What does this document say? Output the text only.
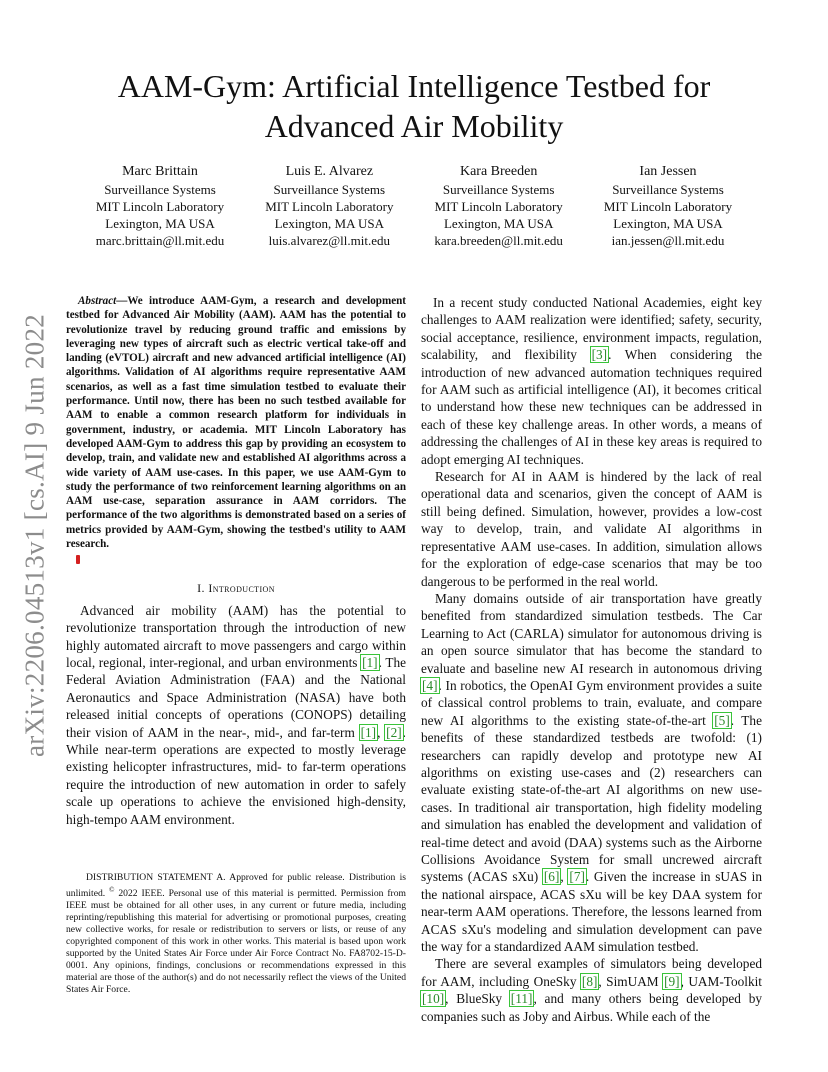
arXiv:2206.04513v1 [cs.AI] 9 Jun 2022
AAM-Gym: Artificial Intelligence Testbed for
Advanced Air Mobility
Marc Brittain
Surveillance Systems
MIT Lincoln Laboratory
Lexington, MA USA
marc.brittain@ll.mit.edu
Luis E. Alvarez
Surveillance Systems
MIT Lincoln Laboratory
Lexington, MA USA
luis.alvarez@ll.mit.edu
Kara Breeden
Surveillance Systems
MIT Lincoln Laboratory
Lexington, MA USA
kara.breeden@ll.mit.edu
Ian Jessen
Surveillance Systems
MIT Lincoln Laboratory
Lexington, MA USA
ian.jessen@ll.mit.edu

Abstract—We introduce AAM-Gym, a research and development testbed for Advanced Air Mobility (AAM). AAM has the potential to revolutionize travel by reducing ground traffic and emissions by leveraging new types of aircraft such as electric vertical take-off and landing (eVTOL) aircraft and new advanced artificial intelligence (AI) algorithms. Validation of AI algorithms require representative AAM scenarios, as well as a fast time simulation testbed to evaluate their performance. Until now, there has been no such testbed available for AAM to enable a common research platform for individuals in government, industry, or academia. MIT Lincoln Laboratory has developed AAM-Gym to address this gap by providing an ecosystem to develop, train, and validate new and established AI algorithms across a wide variety of AAM use-cases. In this paper, we use AAM-Gym to study the performance of two reinforcement learning algorithms on an AAM use-case, separation assurance in AAM corridors. The performance of the two algorithms is demonstrated based on a series of metrics provided by AAM-Gym, showing the testbed's utility to AAM research.

I. Introduction

Advanced air mobility (AAM) has the potential to revolutionize transportation through the introduction of new highly automated aircraft to move passengers and cargo within local, regional, inter-regional, and urban environments [1]. The Federal Aviation Administration (FAA) and the National Aeronautics and Space Administration (NASA) have both released initial concepts of operations (CONOPS) detailing their vision of AAM in the near-, mid-, and far-term [1], [2]. While near-term operations are expected to mostly leverage existing helicopter infrastructures, mid- to far-term operations require the introduction of new automation in order to safely scale up operations to achieve the envisioned high-density, high-tempo AAM environment.

DISTRIBUTION STATEMENT A. Approved for public release. Distribution is unlimited. © 2022 IEEE. Personal use of this material is permitted. Permission from IEEE must be obtained for all other uses, in any current or future media, including reprinting/republishing this material for advertising or promotional purposes, creating new collective works, for resale or redistribution to servers or lists, or reuse of any copyrighted component of this work in other works. This material is based upon work supported by the United States Air Force under Air Force Contract No. FA8702-15-D-0001. Any opinions, findings, conclusions or recommendations expressed in this material are those of the author(s) and do not necessarily reflect the views of the United States Air Force.

In a recent study conducted National Academies, eight key challenges to AAM realization were identified; safety, security, social acceptance, resilience, environment impacts, regulation, scalability, and flexibility [3]. When considering the introduction of new advanced automation techniques required for AAM such as artificial intelligence (AI), it becomes critical to understand how these new techniques can be addressed in each of these key challenge areas. In other words, a means of addressing the challenges of AI in these key areas is required to adopt emerging AI techniques.

Research for AI in AAM is hindered by the lack of real operational data and scenarios, given the concept of AAM is still being defined. Simulation, however, provides a low-cost way to develop, train, and validate AI algorithms in representative AAM use-cases. In addition, simulation allows for the exploration of edge-case scenarios that may be too dangerous to be performed in the real world.

Many domains outside of air transportation have greatly benefited from standardized simulation testbeds. The Car Learning to Act (CARLA) simulator for autonomous driving is an open source simulator that has become the standard to evaluate and baseline new AI research in autonomous driving [4]. In robotics, the OpenAI Gym environment provides a suite of classical control problems to train, evaluate, and compare new AI algorithms to the existing state-of-the-art [5]. The benefits of these standardized testbeds are twofold: (1) researchers can rapidly develop and prototype new AI algorithms on existing use-cases and (2) researchers can evaluate existing state-of-the-art AI algorithms on new use-cases. In traditional air transportation, high fidelity modeling and simulation has enabled the development and validation of real-time detect and avoid (DAA) systems such as the Airborne Collisions Avoidance System for small uncrewed aircraft systems (ACAS sXu) [6], [7]. Given the increase in sUAS in the national airspace, ACAS sXu will be key DAA system for near-term AAM operations. Therefore, the lessons learned from ACAS sXu's modeling and simulation development can pave the way for a standardized AAM simulation testbed.

There are several examples of simulators being developed for AAM, including OneSky [8], SimUAM [9], UAM-Toolkit [10], BlueSky [11], and many others being developed by companies such as Joby and Airbus. While each of the
